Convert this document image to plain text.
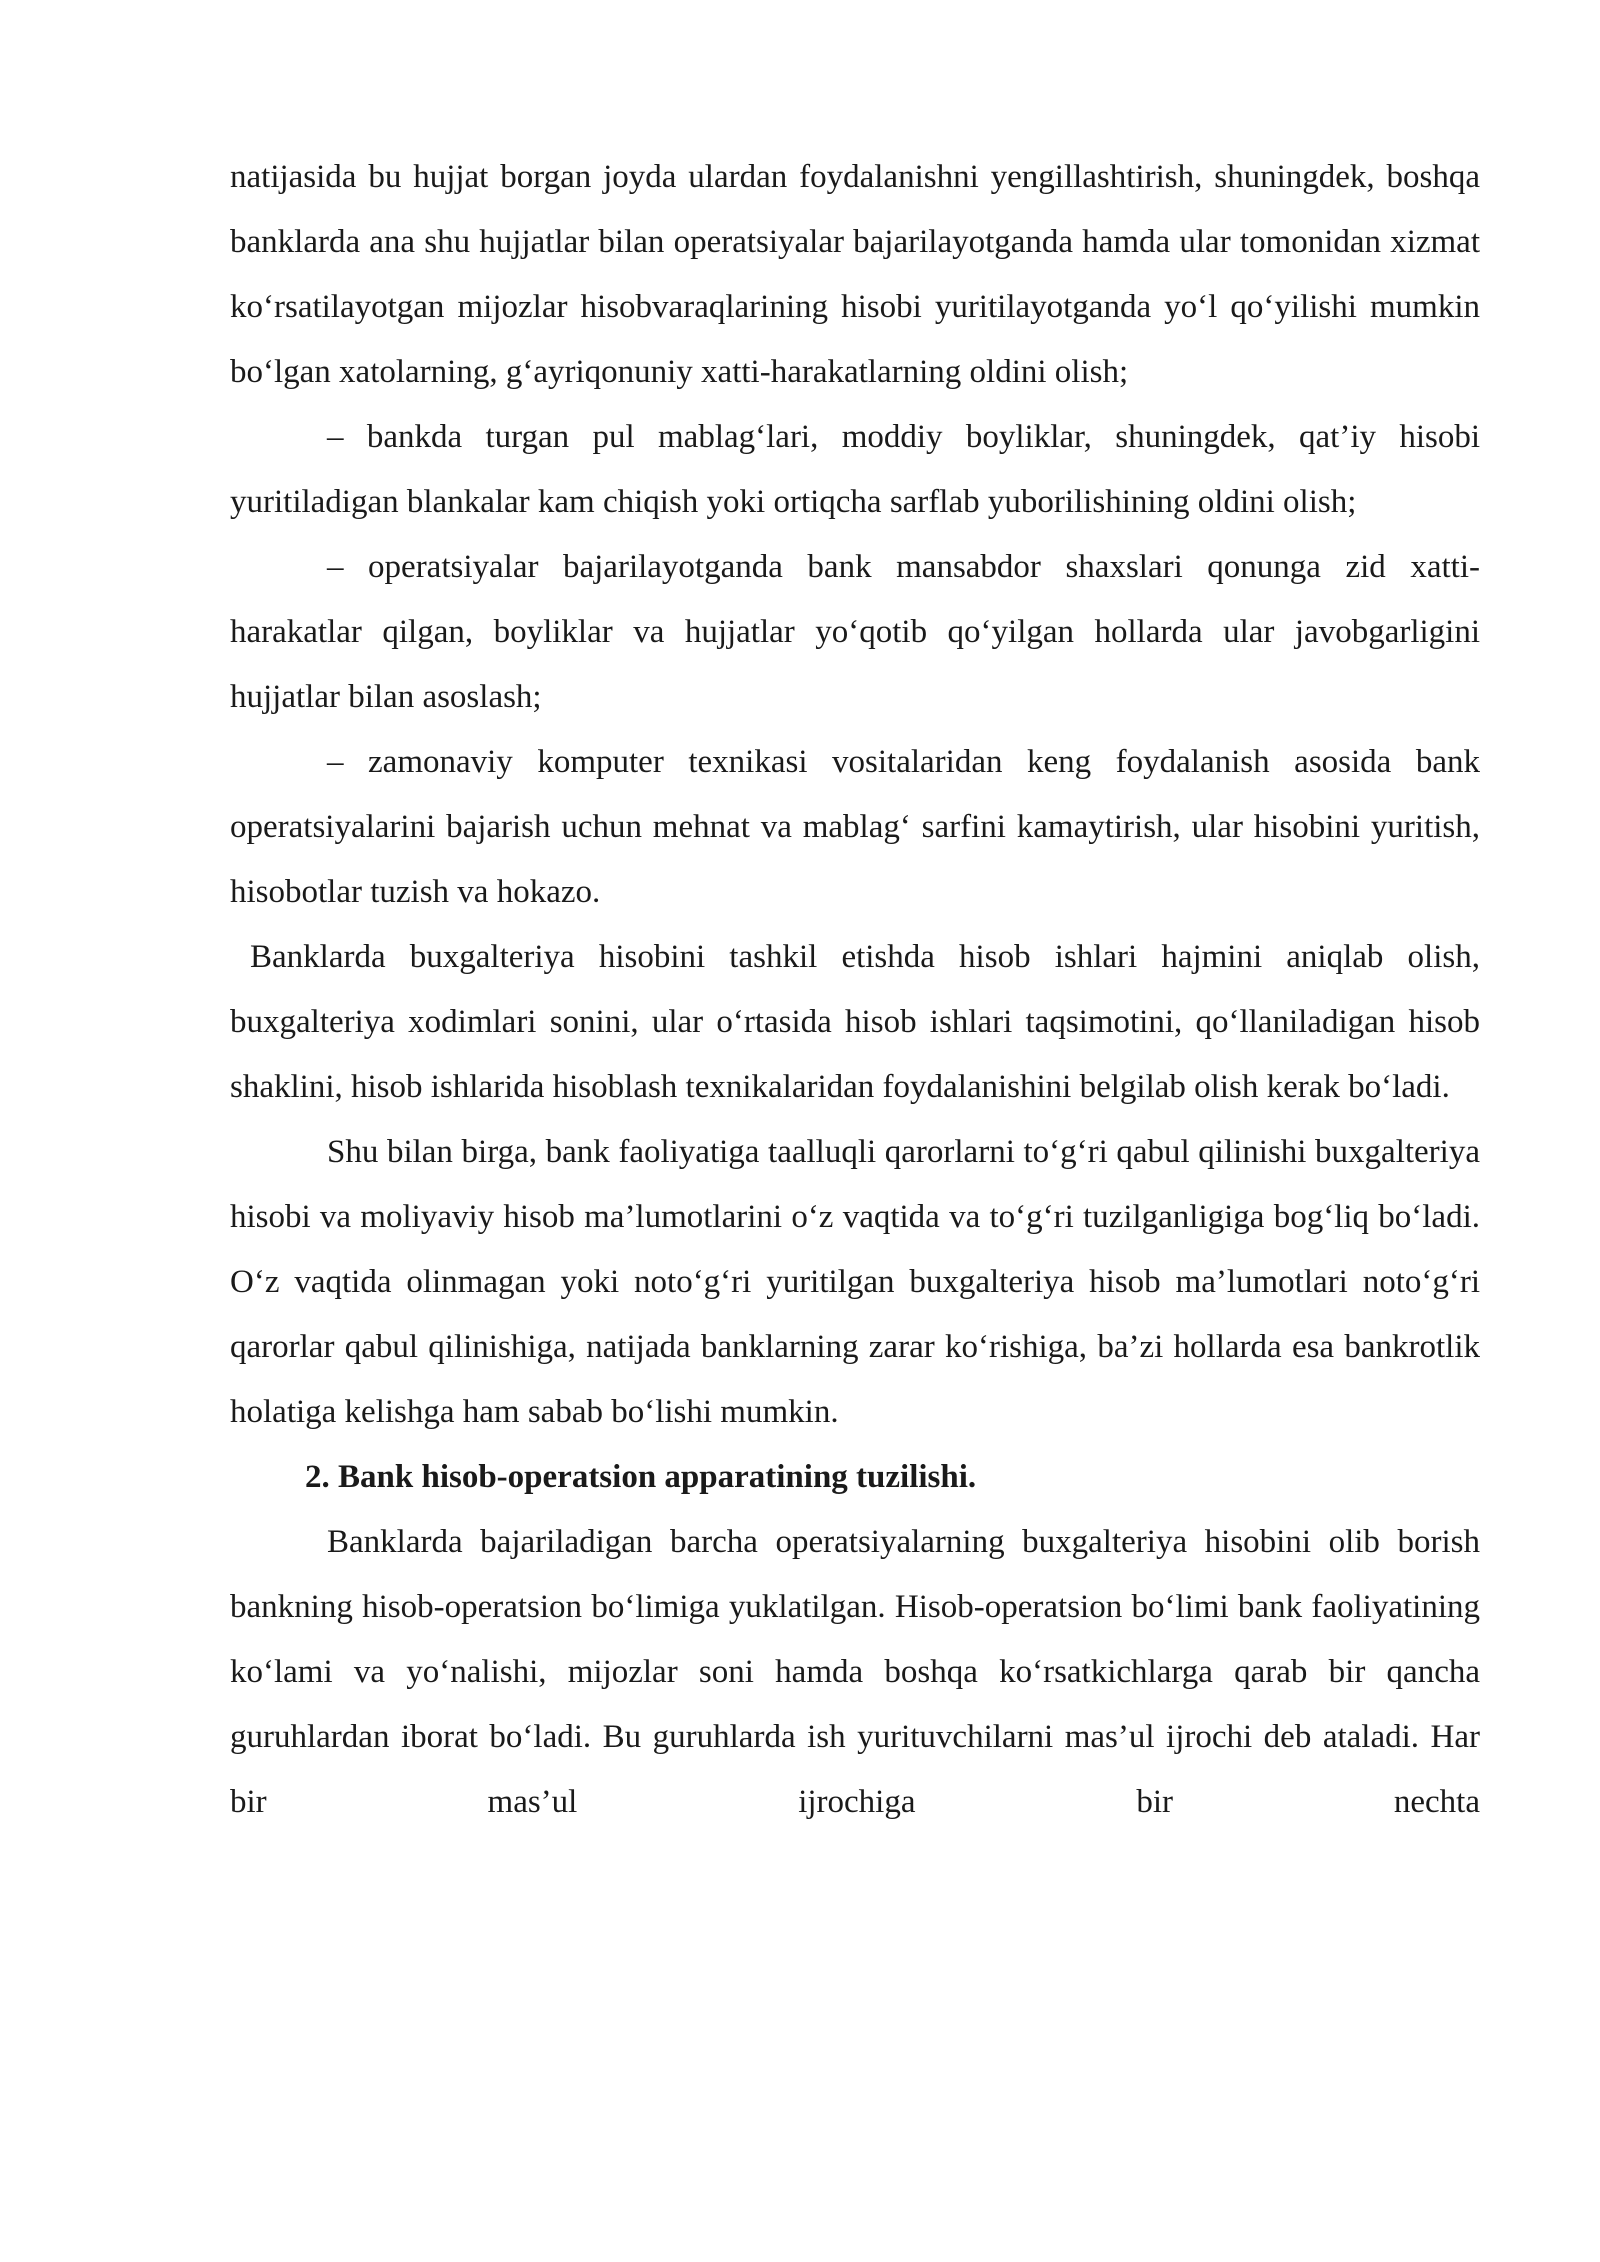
natijasida bu hujjat borgan joyda ulardan foydalanishni yengillashtirish, shuningdek, boshqa banklarda ana shu hujjatlar bilan operatsiyalar bajarilayotganda hamda ular tomonidan xizmat ko‘rsatilayotgan mijozlar hisobvaraqlarining hisobi yuritilayotganda yo‘l qo‘yilishi mumkin bo‘lgan xatolarning, g‘ayriqonuniy xatti-harakatlarning oldini olish;

– bankda turgan pul mablag‘lari, moddiy boyliklar, shuningdek, qat’iy hisobi yuritiladigan blankalar kam chiqish yoki ortiqcha sarflab yuborilishining oldini olish;

– operatsiyalar bajarilayotganda bank mansabdor shaxslari qonunga zid xatti-harakatlar qilgan, boyliklar va hujjatlar yo‘qotib qo‘yilgan hollarda ular javobgarligini hujjatlar bilan asoslash;

– zamonaviy komputer texnikasi vositalaridan keng foydalanish asosida bank operatsiyalarini bajarish uchun mehnat va mablag‘ sarfini kamaytirish, ular hisobini yuritish, hisobotlar tuzish va hokazo.

Banklarda buxgalteriya hisobini tashkil etishda hisob ishlari hajmini aniqlab olish, buxgalteriya xodimlari sonini, ular o‘rtasida hisob ishlari taqsimotini, qo‘llaniladigan hisob shaklini, hisob ishlarida hisoblash texnikalaridan foydalanishini belgilab olish kerak bo‘ladi.

Shu bilan birga, bank faoliyatiga taalluqli qarorlarni to‘g‘ri qabul qilinishi buxgalteriya hisobi va moliyaviy hisob ma’lumotlarini o‘z vaqtida va to‘g‘ri tuzilganligiga bog‘liq bo‘ladi. O‘z vaqtida olinmagan yoki noto‘g‘ri yuritilgan buxgalteriya hisob ma’lumotlari noto‘g‘ri qarorlar qabul qilinishiga, natijada banklarning zarar ko‘rishiga, ba’zi hollarda esa bankrotlik holatiga kelishga ham sabab bo‘lishi mumkin.

2. Bank hisob-operatsion apparatining tuzilishi.

Banklarda bajariladigan barcha operatsiyalarning buxgalteriya hisobini olib borish bankning hisob-operatsion bo‘limiga yuklatilgan. Hisob-operatsion bo‘limi bank faoliyatining ko‘lami va yo‘nalishi, mijozlar soni hamda boshqa ko‘rsatkichlarga qarab bir qancha guruhlardan iborat bo‘ladi. Bu guruhlarda ish yurituvchilarni mas’ul ijrochi deb ataladi. Har bir mas’ul ijrochiga bir nechta
